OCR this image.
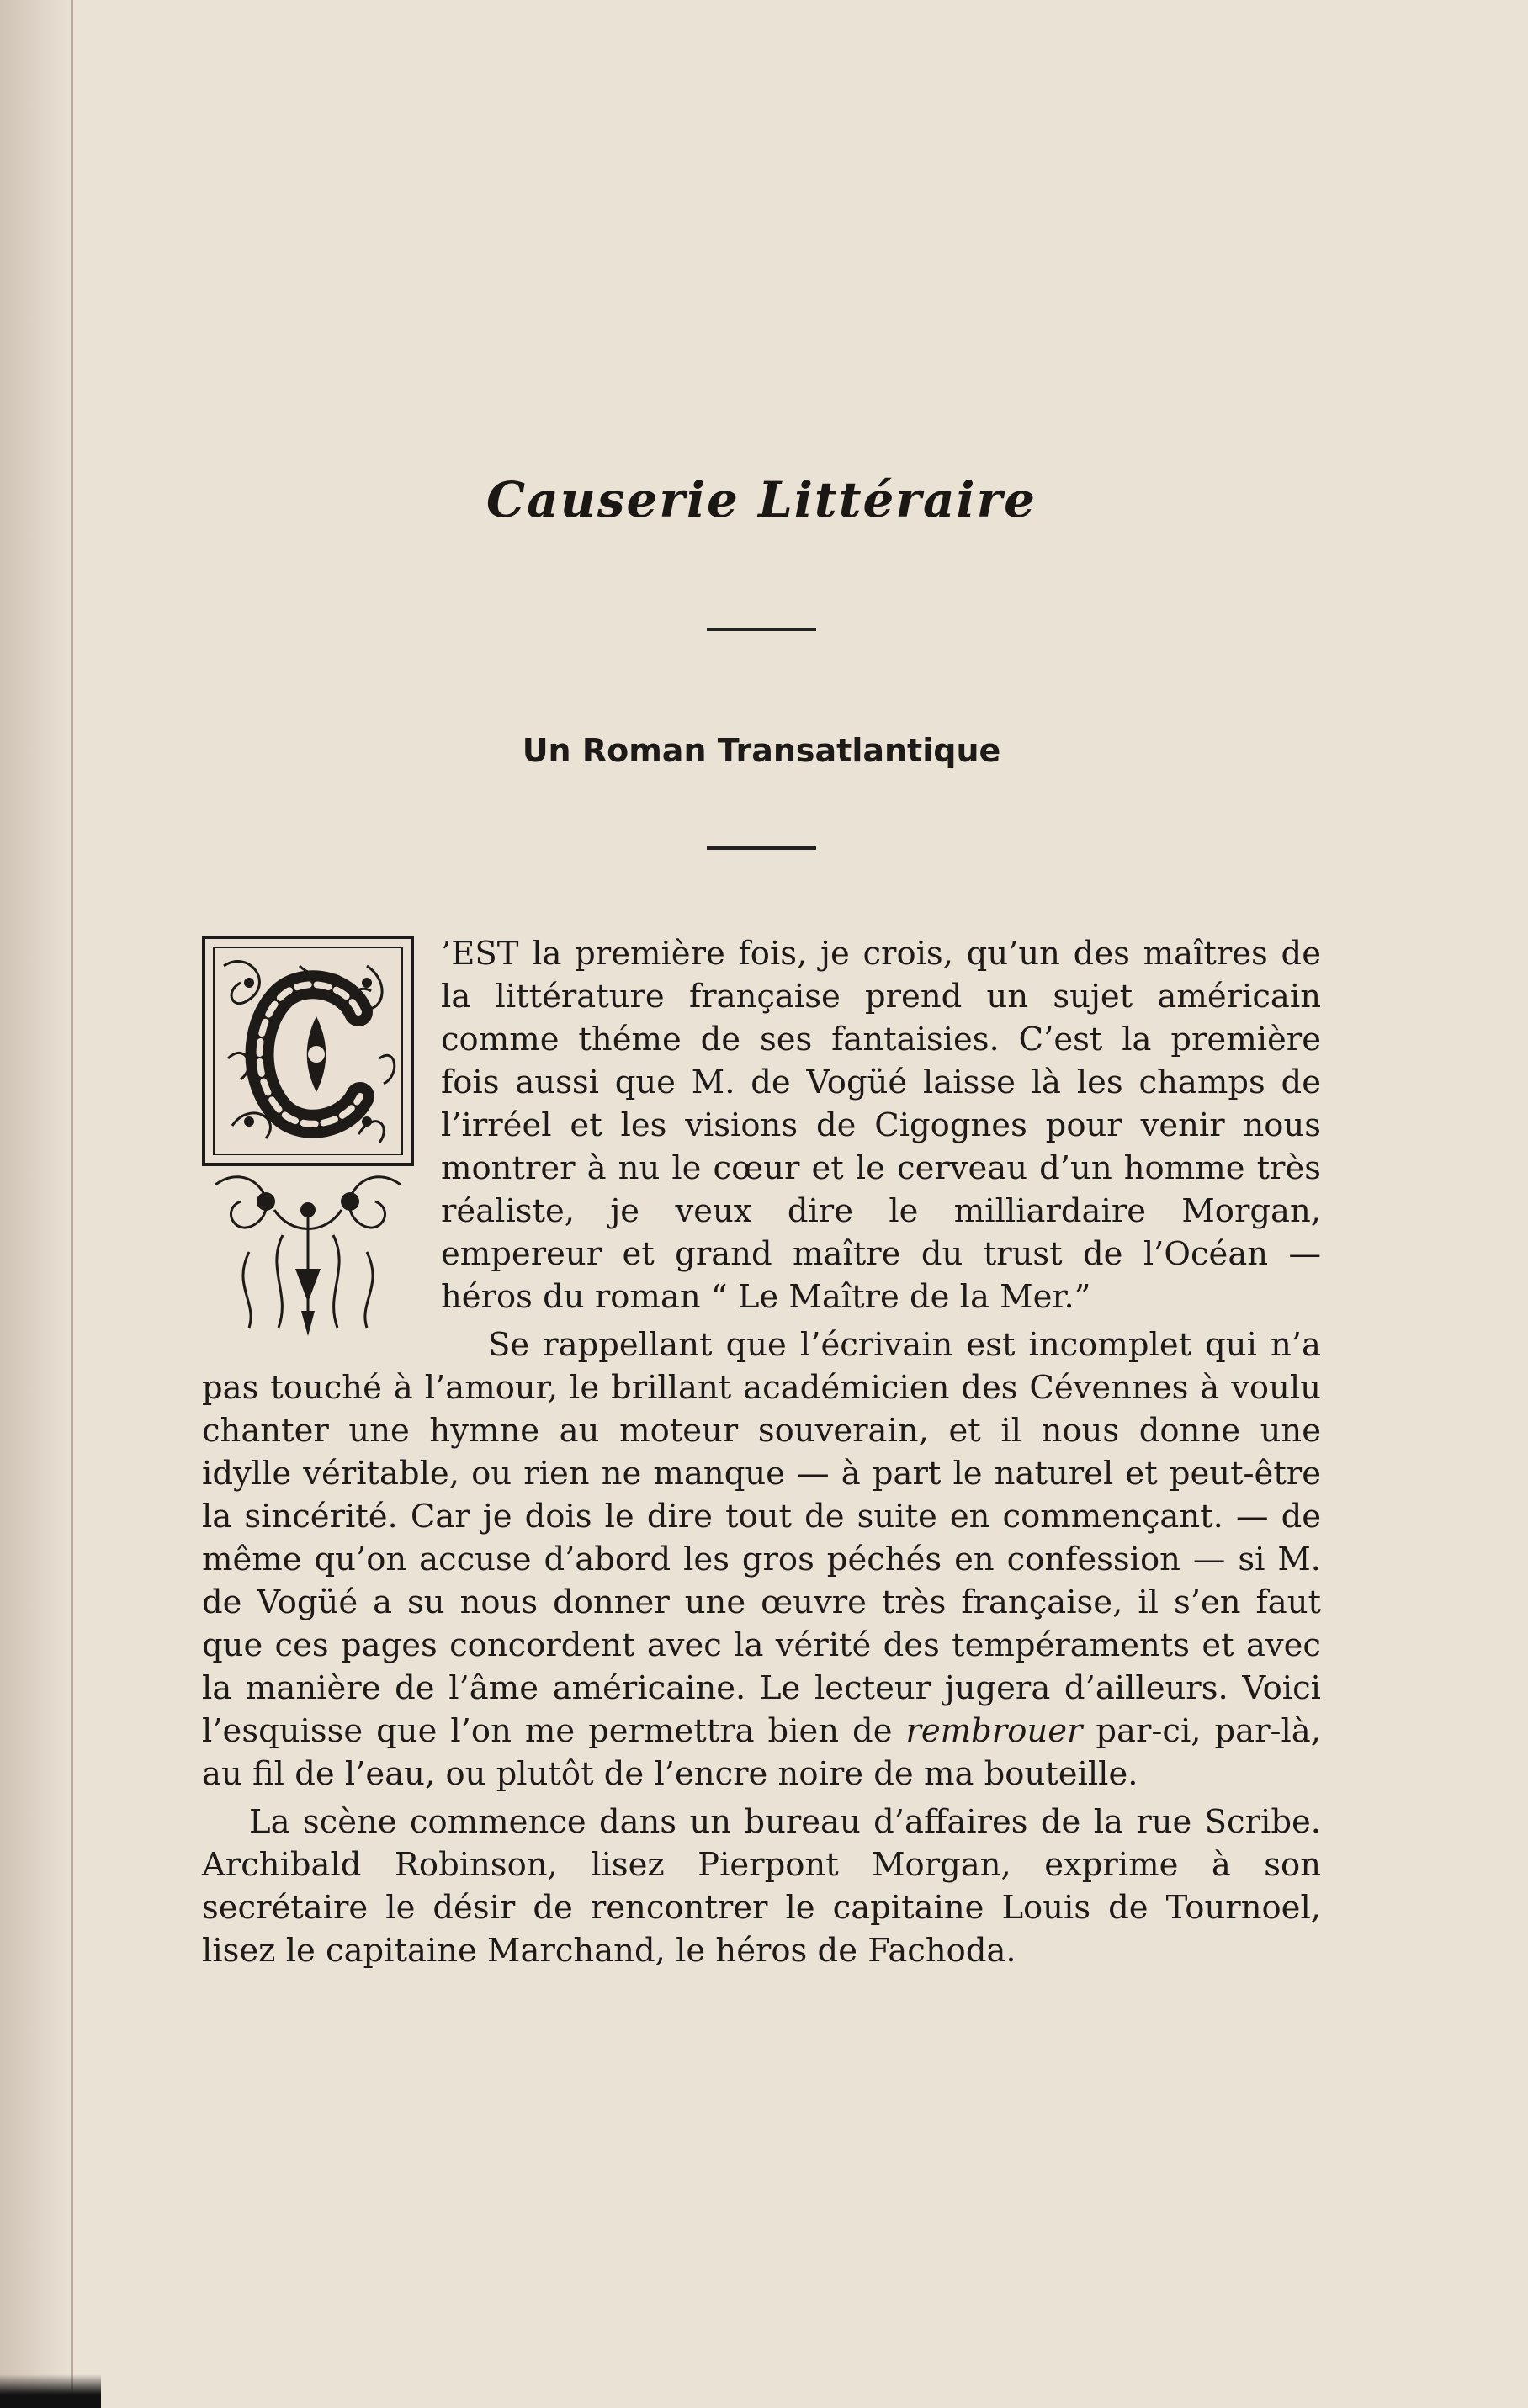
Causerie Littéraire
Un Roman Transatlantique

’EST la première fois, je crois, qu’un des maîtres de la littérature française prend un sujet américain comme théme de ses fantaisies. C’est la première fois aussi que M. de Vogüé laisse là les champs de l’irréel et les visions de Cigognes pour venir nous montrer à nu le cœur et le cerveau d’un homme très réaliste, je veux dire le milliardaire Morgan, empereur et grand maître du trust de l’Océan — héros du roman “ Le Maître de la Mer.”

Se rappellant que l’écrivain est incomplet qui n’a pas touché à l’amour, le brillant académicien des Cévennes à voulu chanter une hymne au moteur souverain, et il nous donne une idylle véritable, ou rien ne manque — à part le naturel et peut-être la sincérité. Car je dois le dire tout de suite en commençant. — de même qu’on accuse d’abord les gros péchés en confession — si M. de Vogüé a su nous donner une œuvre très française, il s’en faut que ces pages concordent avec la vérité des tempéraments et avec la manière de l’âme américaine. Le lecteur jugera d’ailleurs. Voici l’esquisse que l’on me permettra bien de rembrouer par-ci, par-là, au fil de l’eau, ou plutôt de l’encre noire de ma bouteille.

La scène commence dans un bureau d’affaires de la rue Scribe. Archibald Robinson, lisez Pierpont Morgan, exprime à son secrétaire le désir de rencontrer le capitaine Louis de Tournoel, lisez le capitaine Marchand, le héros de Fachoda.
